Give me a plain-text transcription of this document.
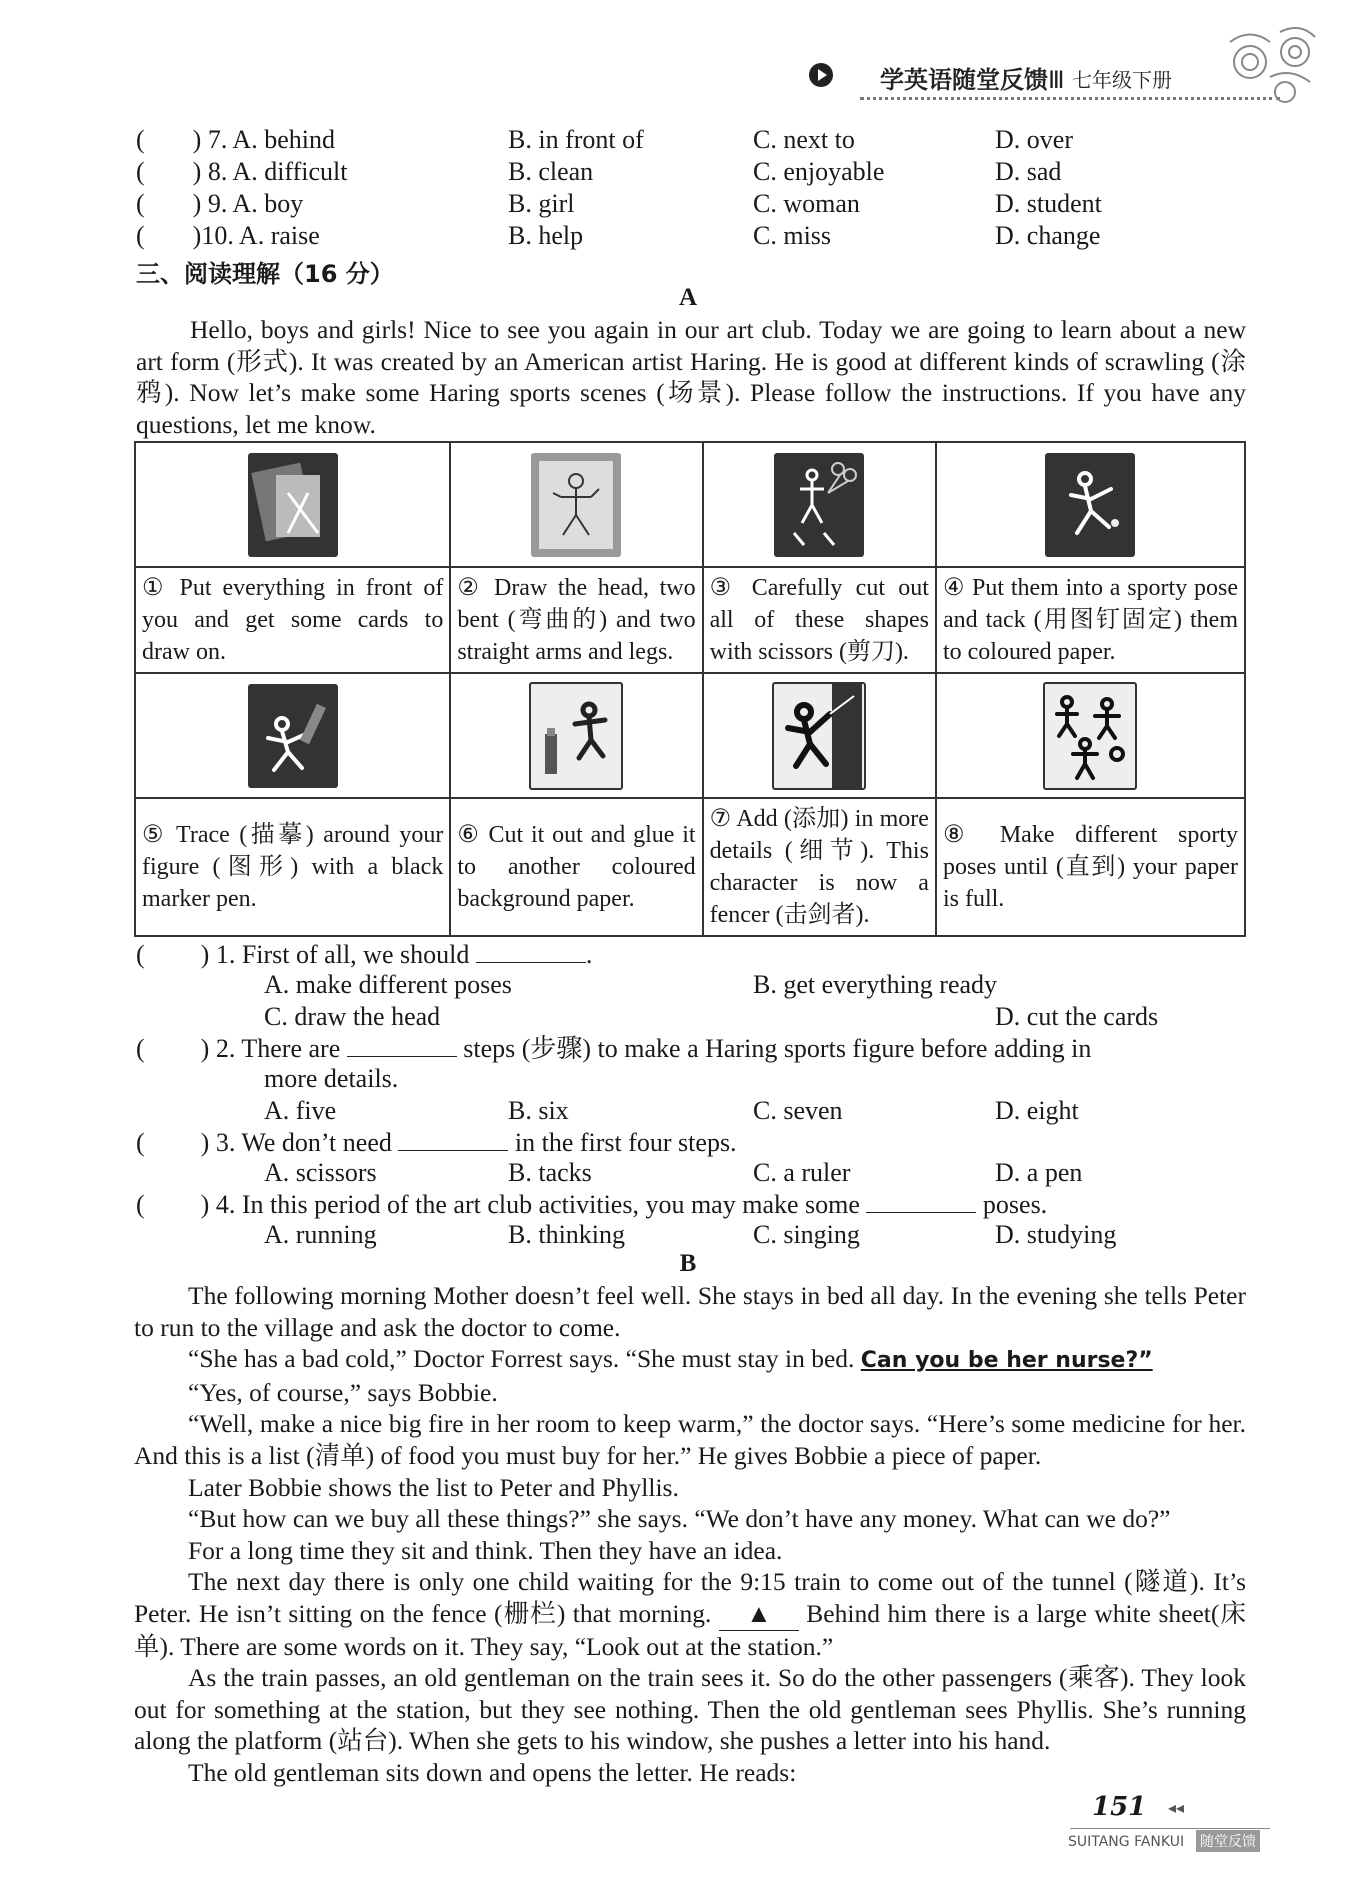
学英语随堂反馈Ⅲ 七年级下册
( ) 7. A. behind	B. in front of	C. next to	D. over
( ) 8. A. difficult	B. clean	C. enjoyable	D. sad
( ) 9. A. boy	B. girl	C. woman	D. student
( )10. A. raise	B. help	C. miss	D. change
三、阅读理解（16 分）
A
Hello, boys and girls! Nice to see you again in our art club. Today we are going to learn about a new art form (形式). It was created by an American artist Haring. He is good at different kinds of scrawling (涂鸦). Now let’s make some Haring sports scenes (场景). Please follow the instructions. If you have any questions, let me know.

① Put everything in front of you and get some cards to draw on.	② Draw the head, two bent (弯曲的) and two straight arms and legs.	③ Carefully cut out all of these shapes with scissors (剪刀).	④ Put them into a sporty pose and tack (用图钉固定) them to coloured paper.

⑤ Trace (描摹) around your figure (图形) with a black marker pen.	⑥ Cut it out and glue it to another coloured background paper.	⑦ Add (添加) in more details (细节). This character is now a fencer (击剑者).	⑧ Make different sporty poses until (直到) your paper is full.
( ) 1. First of all, we should	.
A. make different poses	B. get everything ready
C. draw the head	D. cut the cards
( ) 2. There are	steps (步骤) to make a Haring sports figure before adding in
more details.
A. five	B. six	C. seven	D. eight
( ) 3. We don’t need	in the first four steps.
A. scissors	B. tacks	C. a ruler	D. a pen
( ) 4. In this period of the art club activities, you may make some	poses.
A. running	B. thinking	C. singing	D. studying
B

The following morning Mother doesn’t feel well. She stays in bed all day. In the evening she tells Peter to run to the village and ask the doctor to come.

“She has a bad cold,” Doctor Forrest says. “She must stay in bed. Can you be her nurse?”

“Yes, of course,” says Bobbie.

“Well, make a nice big fire in her room to keep warm,” the doctor says. “Here’s some medicine for her. And this is a list (清单) of food you must buy for her.” He gives Bobbie a piece of paper.

Later Bobbie shows the list to Peter and Phyllis.

“But how can we buy all these things?” she says. “We don’t have any money. What can we do?”

For a long time they sit and think. Then they have an idea.

The next day there is only one child waiting for the 9:15 train to come out of the tunnel (隧道). It’s Peter. He isn’t sitting on the fence (栅栏) that morning. ▲ Behind him there is a large white sheet(床单). There are some words on it. They say, “Look out at the station.”

As the train passes, an old gentleman on the train sees it. So do the other passengers (乘客). They look out for something at the station, but they see nothing. Then the old gentleman sees Phyllis. She’s running along the platform (站台). When she gets to his window, she pushes a letter into his hand.

The old gentleman sits down and opens the letter. He reads:

151 ◂◂
SUITANG FANKUI 随堂反馈
